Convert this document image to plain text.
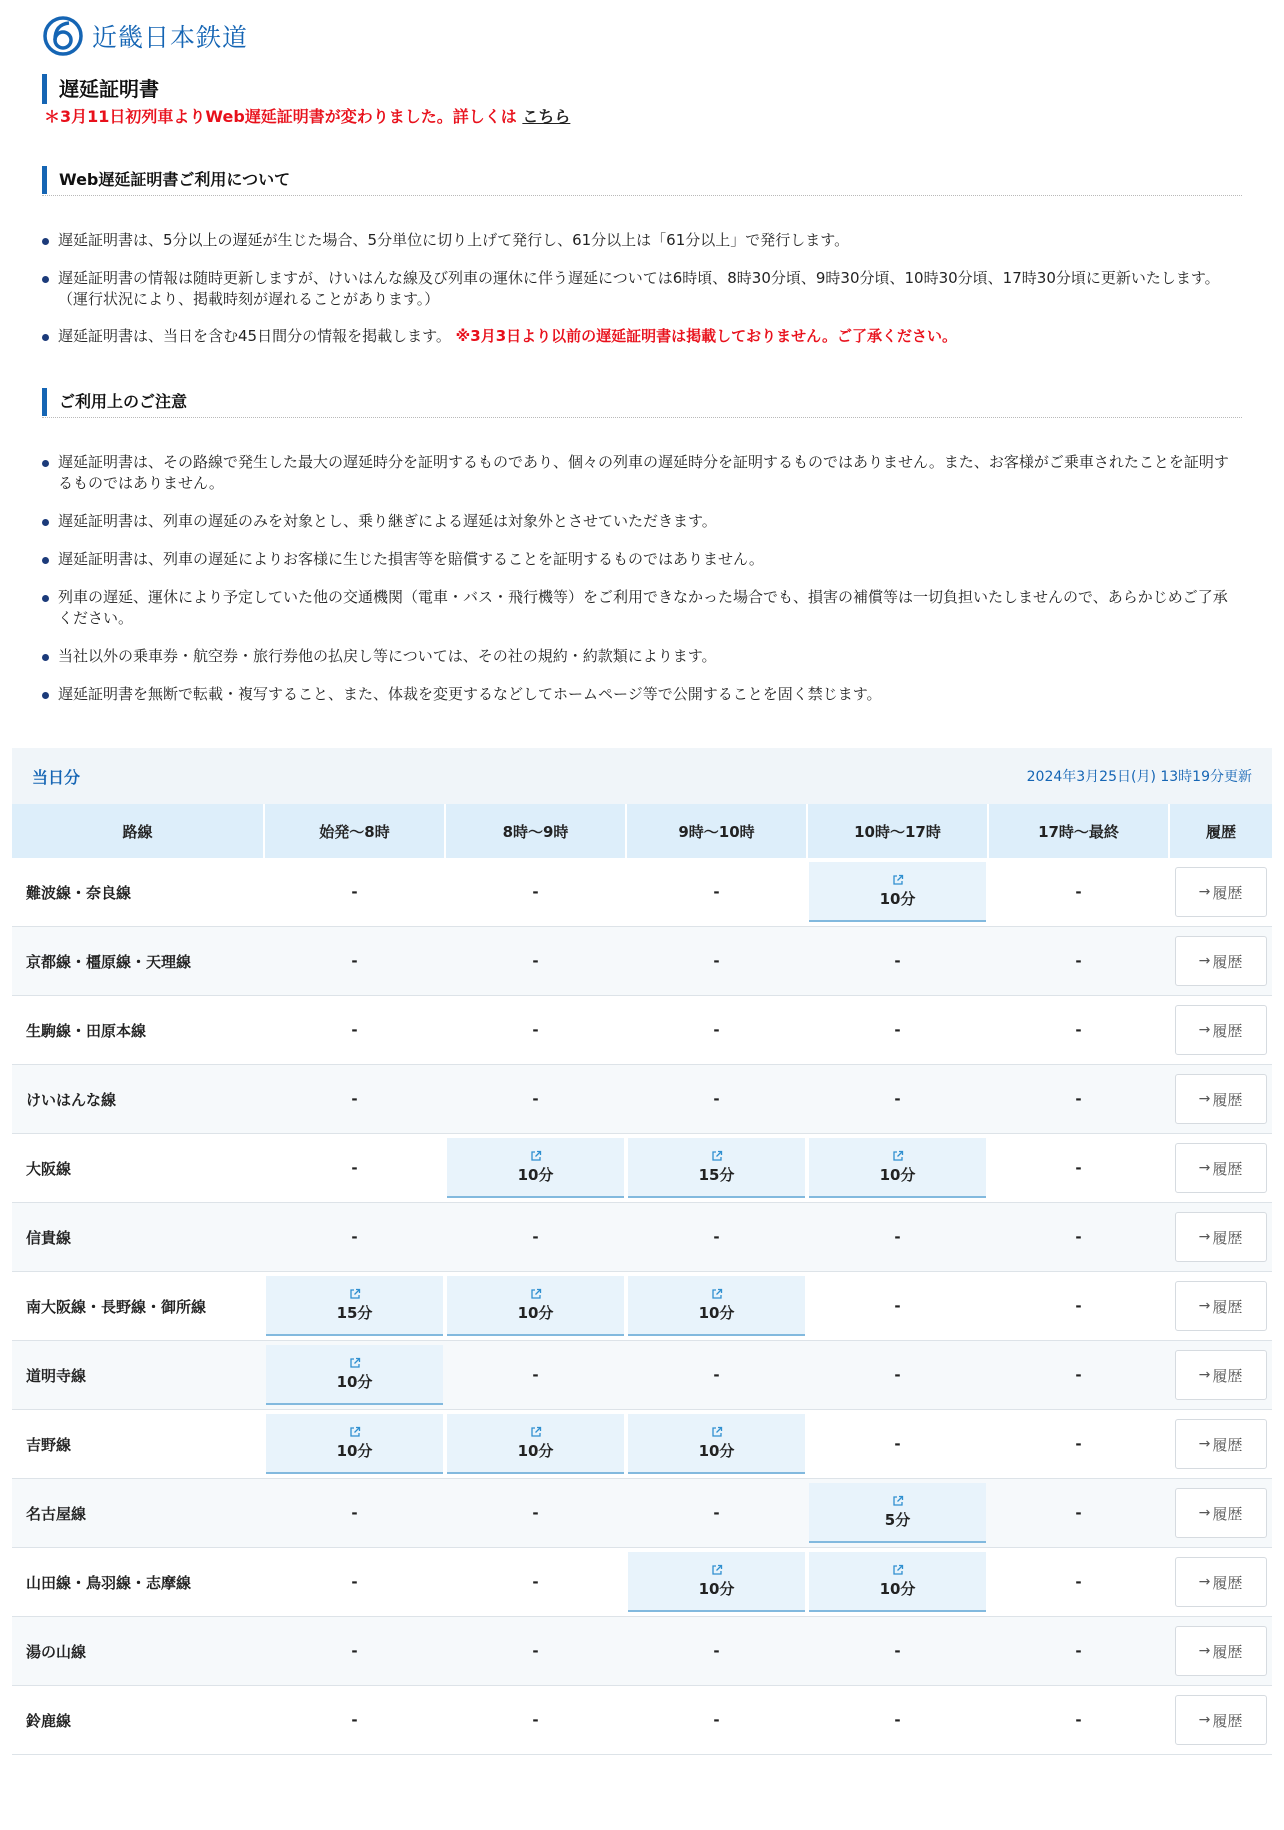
近畿日本鉄道
遅延証明書
＊3月11日初列車よりWeb遅延証明書が変わりました。詳しくは こちら
Web遅延証明書ご利用について
遅延証明書は、5分以上の遅延が生じた場合、5分単位に切り上げて発行し、61分以上は「61分以上」で発行します。
遅延証明書の情報は随時更新しますが、けいはんな線及び列車の運休に伴う遅延については6時頃、8時30分頃、9時30分頃、10時30分頃、17時30分頃に更新いたします。（運行状況により、掲載時刻が遅れることがあります。）
遅延証明書は、当日を含む45日間分の情報を掲載します。 ※3月3日より以前の遅延証明書は掲載しておりません。ご了承ください。
ご利用上のご注意
遅延証明書は、その路線で発生した最大の遅延時分を証明するものであり、個々の列車の遅延時分を証明するものではありません。また、お客様がご乗車されたことを証明するものではありません。
遅延証明書は、列車の遅延のみを対象とし、乗り継ぎによる遅延は対象外とさせていただきます。
遅延証明書は、列車の遅延によりお客様に生じた損害等を賠償することを証明するものではありません。
列車の遅延、運休により予定していた他の交通機関（電車・バス・飛行機等）をご利用できなかった場合でも、損害の補償等は一切負担いたしませんので、あらかじめご了承ください。
当社以外の乗車券・航空券・旅行券他の払戻し等については、その社の規約・約款類によります。
遅延証明書を無断で転載・複写すること、また、体裁を変更するなどしてホームページ等で公開することを固く禁じます。
当日分	2024年3月25日(月) 13時19分更新
路線	始発～8時	8時～9時	9時～10時	10時～17時	17時～最終	履歴
難波線・奈良線	-	-	-	10分	-	→ 履歴

京都線・橿原線・天理線	-	-	-	-	-	→ 履歴

生駒線・田原本線	-	-	-	-	-	→ 履歴

けいはんな線	-	-	-	-	-	→ 履歴

大阪線	-	10分	15分	10分	-	→ 履歴

信貴線	-	-	-	-	-	→ 履歴

南大阪線・長野線・御所線	15分	10分	10分	-	-	→ 履歴

道明寺線	10分	-	-	-	-	→ 履歴

吉野線	10分	10分	10分	-	-	→ 履歴

名古屋線	-	-	-	5分	-	→ 履歴

山田線・鳥羽線・志摩線	-	-	10分	10分	-	→ 履歴

湯の山線	-	-	-	-	-	→ 履歴

鈴鹿線	-	-	-	-	-	→ 履歴
